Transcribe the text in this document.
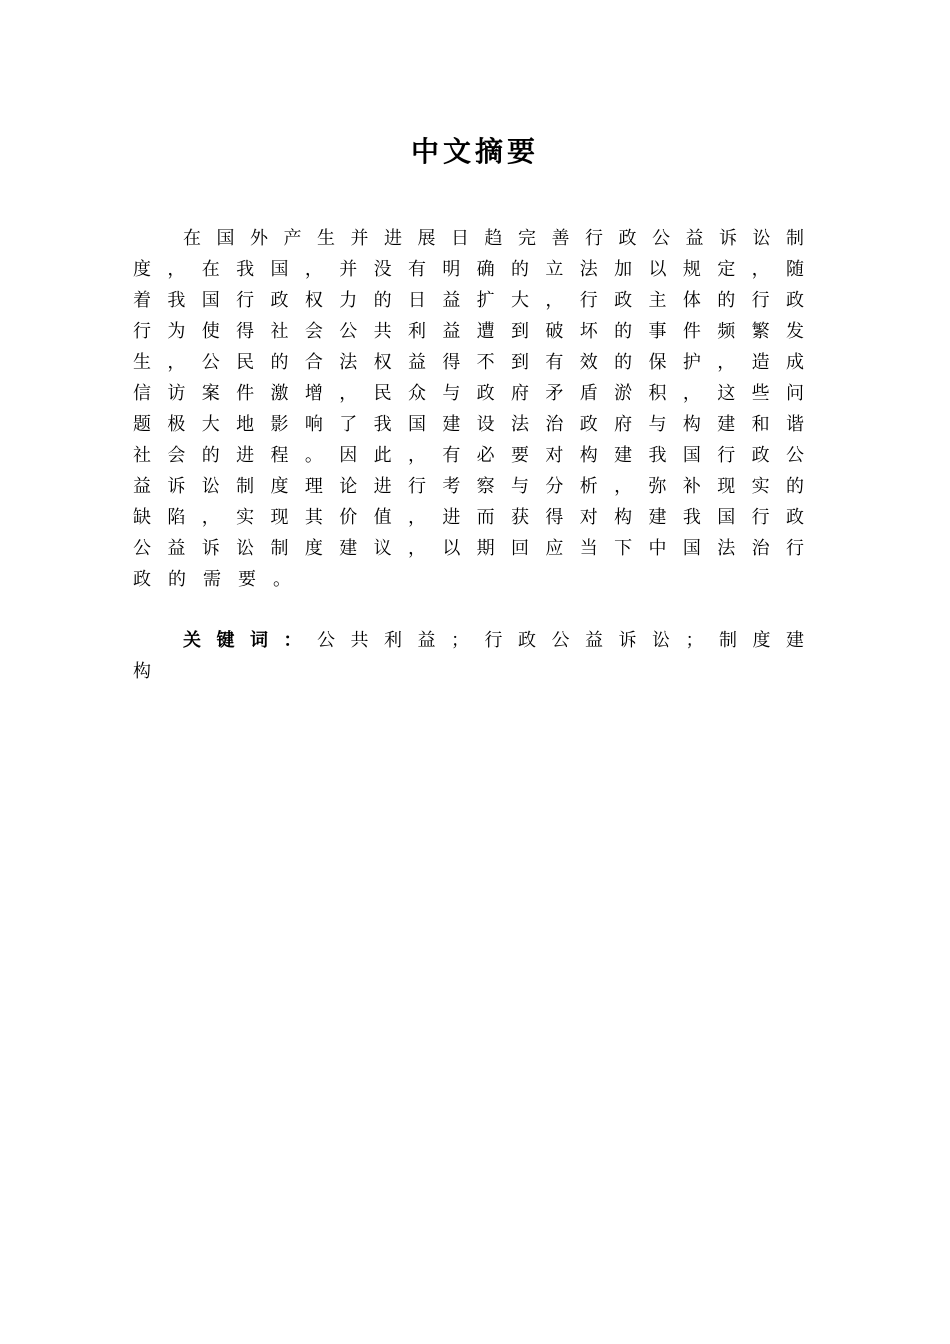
中文摘要
在国外产生并进展日趋完善行政公益诉讼制
度，在我国，并没有明确的立法加以规定，随
着我国行政权力的日益扩大，行政主体的行政
行为使得社会公共利益遭到破坏的事件频繁发
生，公民的合法权益得不到有效的保护，造成
信访案件激增，民众与政府矛盾淤积，这些问
题极大地影响了我国建设法治政府与构建和谐
社会的进程。因此，有必要对构建我国行政公
益诉讼制度理论进行考察与分析，弥补现实的
缺陷，实现其价值，进而获得对构建我国行政
公益诉讼制度建议，以期回应当下中国法治行
政的需要。
关键词：公共利益；行政公益诉讼；制度建
构
